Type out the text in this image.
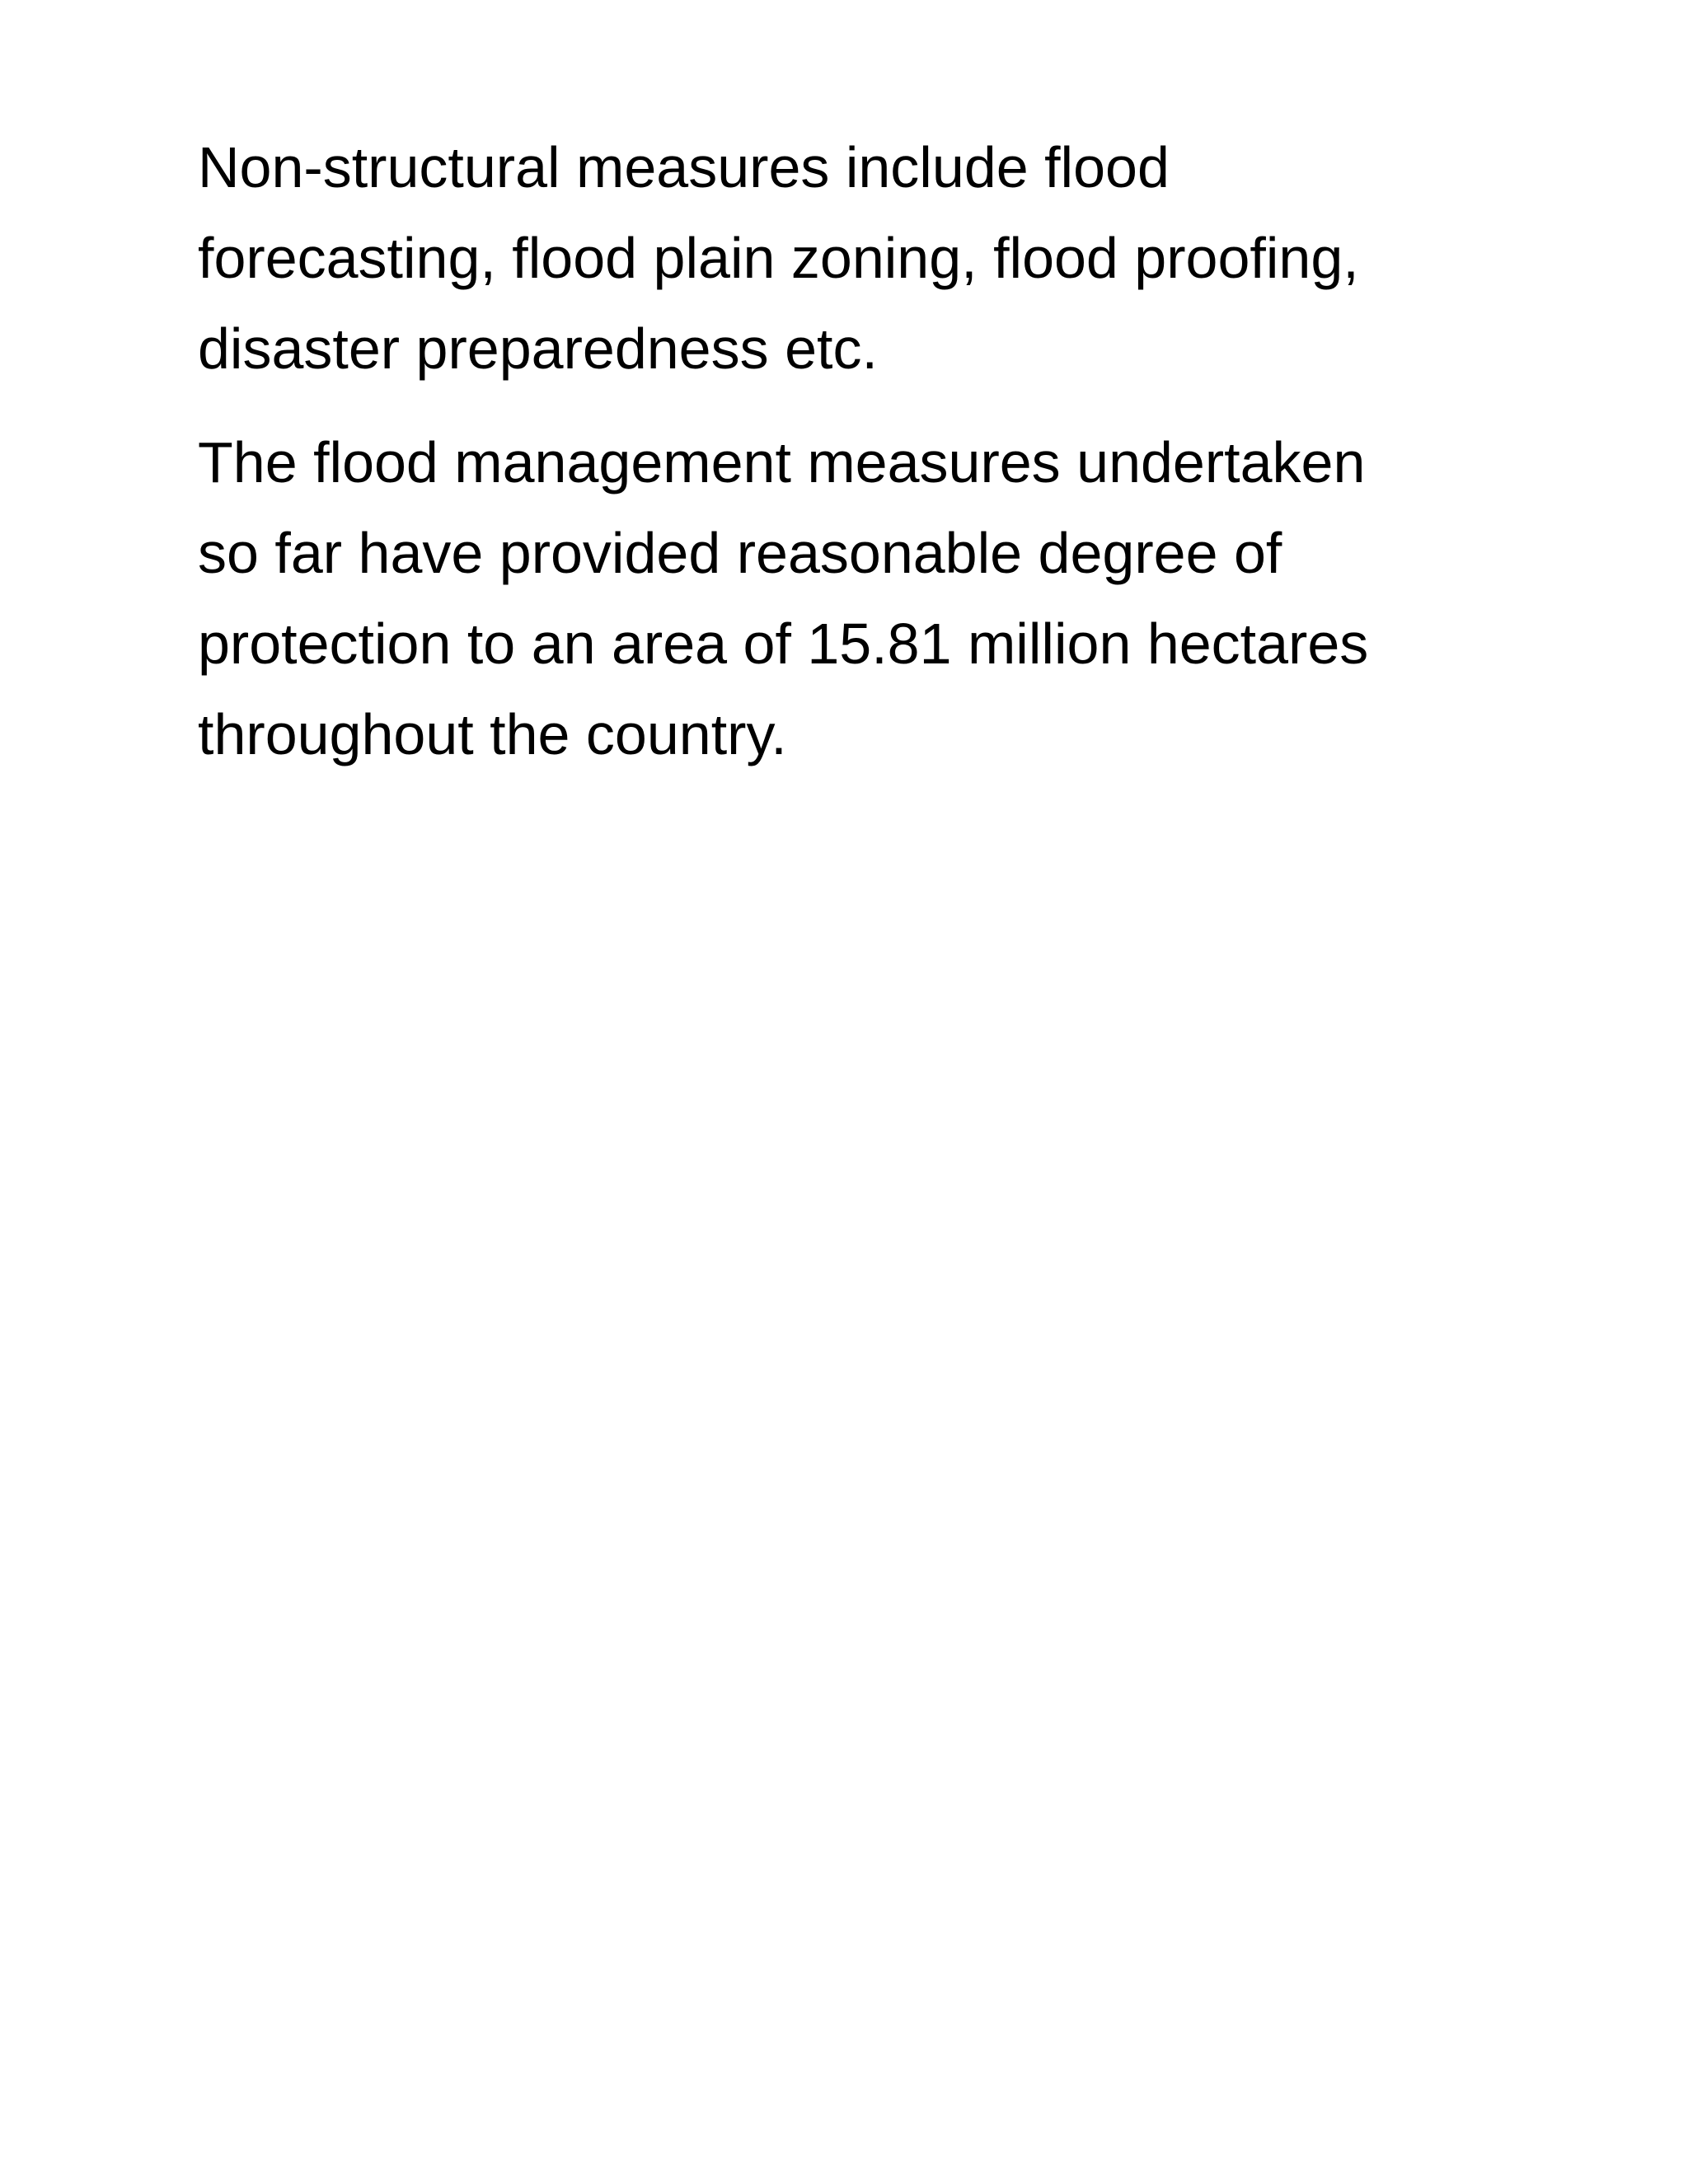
Non-structural measures include flood
forecasting, flood plain zoning, flood proofing,
disaster preparedness etc.
The flood management measures undertaken
so far have provided reasonable degree of
protection to an area of 15.81 million hectares
throughout the country.
